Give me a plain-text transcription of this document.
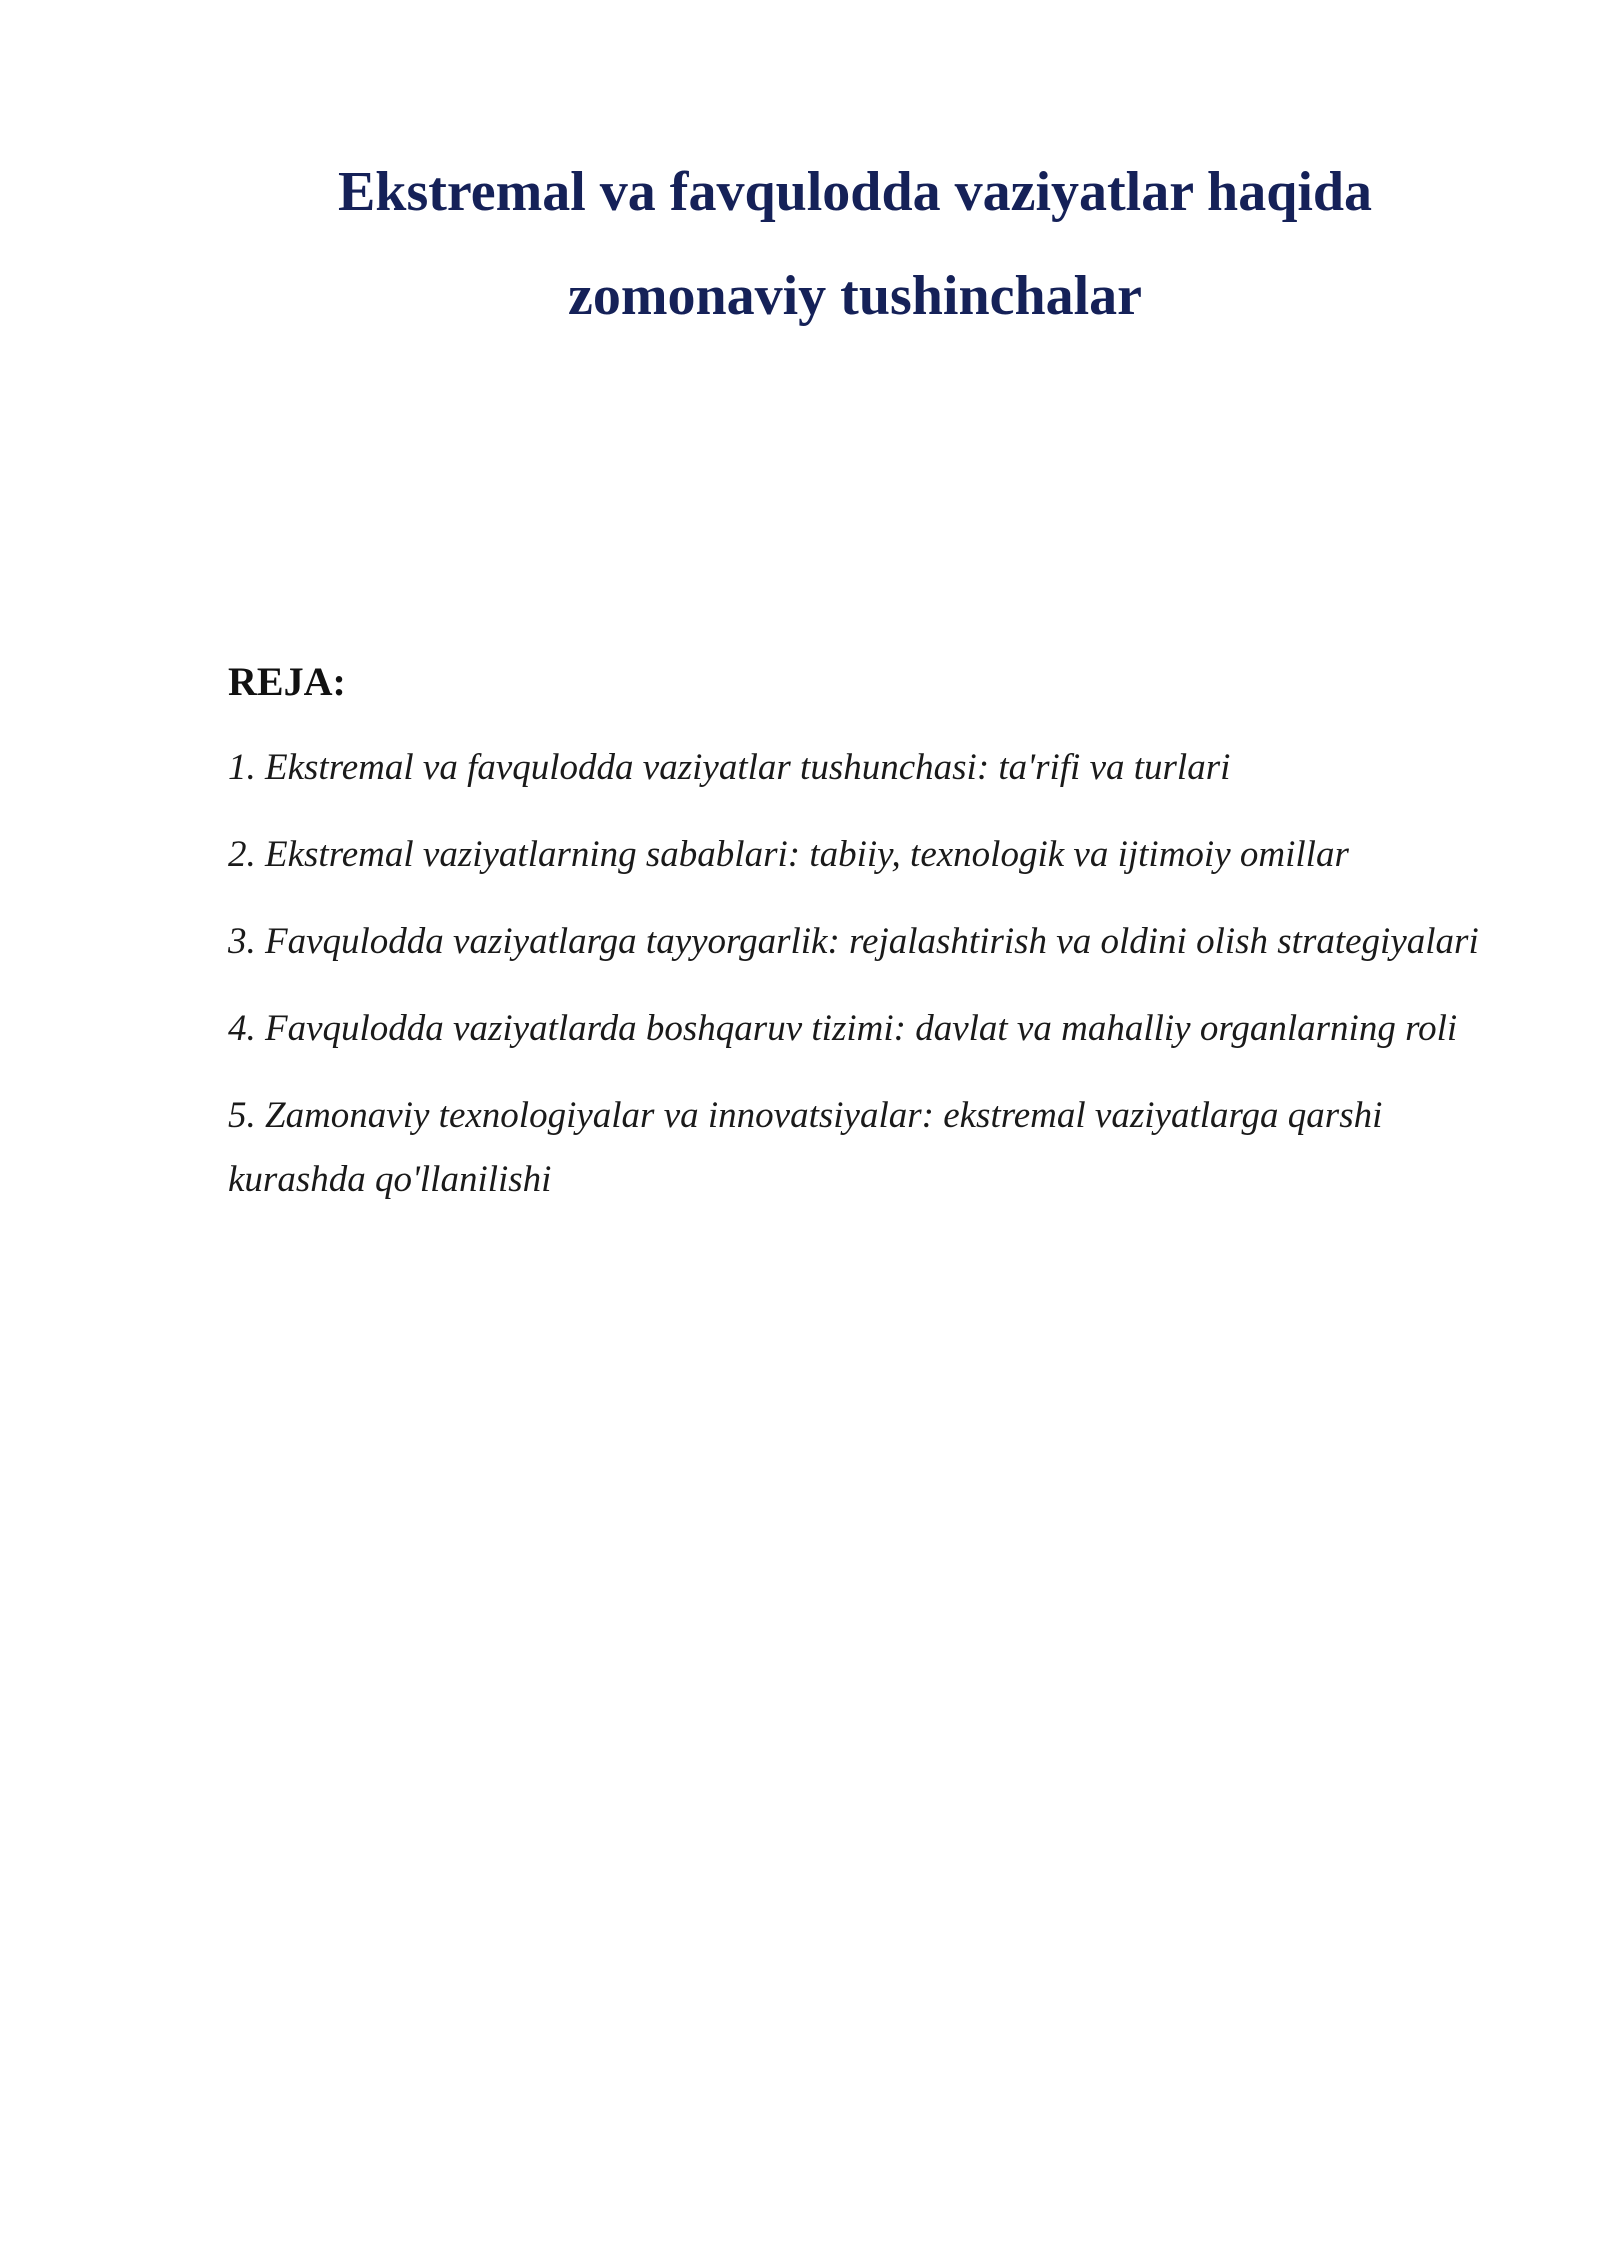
Ekstremal va favqulodda vaziyatlar haqida zomonaviy tushinchalar
REJA:
1. Ekstremal va favqulodda vaziyatlar tushunchasi: ta'rifi va turlari
2. Ekstremal vaziyatlarning sabablari: tabiiy, texnologik va ijtimoiy omillar
3. Favqulodda vaziyatlarga tayyorgarlik: rejalashtirish va oldini olish strategiyalari
4. Favqulodda vaziyatlarda boshqaruv tizimi: davlat va mahalliy organlarning roli
5. Zamonaviy texnologiyalar va innovatsiyalar: ekstremal vaziyatlarga qarshi kurashda qo'llanilishi
